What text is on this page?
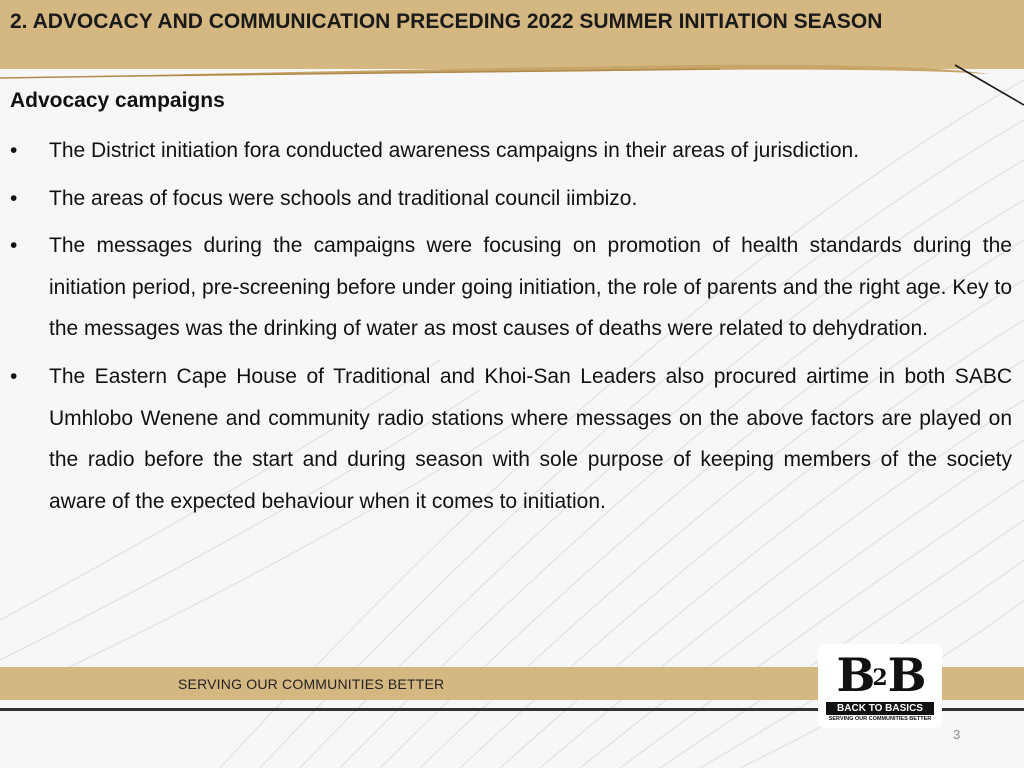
2. ADVOCACY AND COMMUNICATION PRECEDING 2022 SUMMER INITIATION SEASON
Advocacy campaigns
• The District initiation fora conducted awareness campaigns in their areas of jurisdiction.
• The areas of focus were schools and traditional council iimbizo.
• The messages during the campaigns were focusing on promotion of health standards during the initiation period, pre-screening before under going initiation, the role of parents and the right age. Key to the messages was the drinking of water as most causes of deaths were related to dehydration.
• The Eastern Cape House of Traditional and Khoi-San Leaders also procured airtime in both SABC Umhlobo Wenene and community radio stations where messages on the above factors are played on the radio before the start and during season with sole purpose of keeping members of the society aware of the expected behaviour when it comes to initiation.
SERVING OUR COMMUNITIES BETTER	$B^2B$
BACK TO BASICS
SERVING OUR COMMUNITIES BETTER
3
